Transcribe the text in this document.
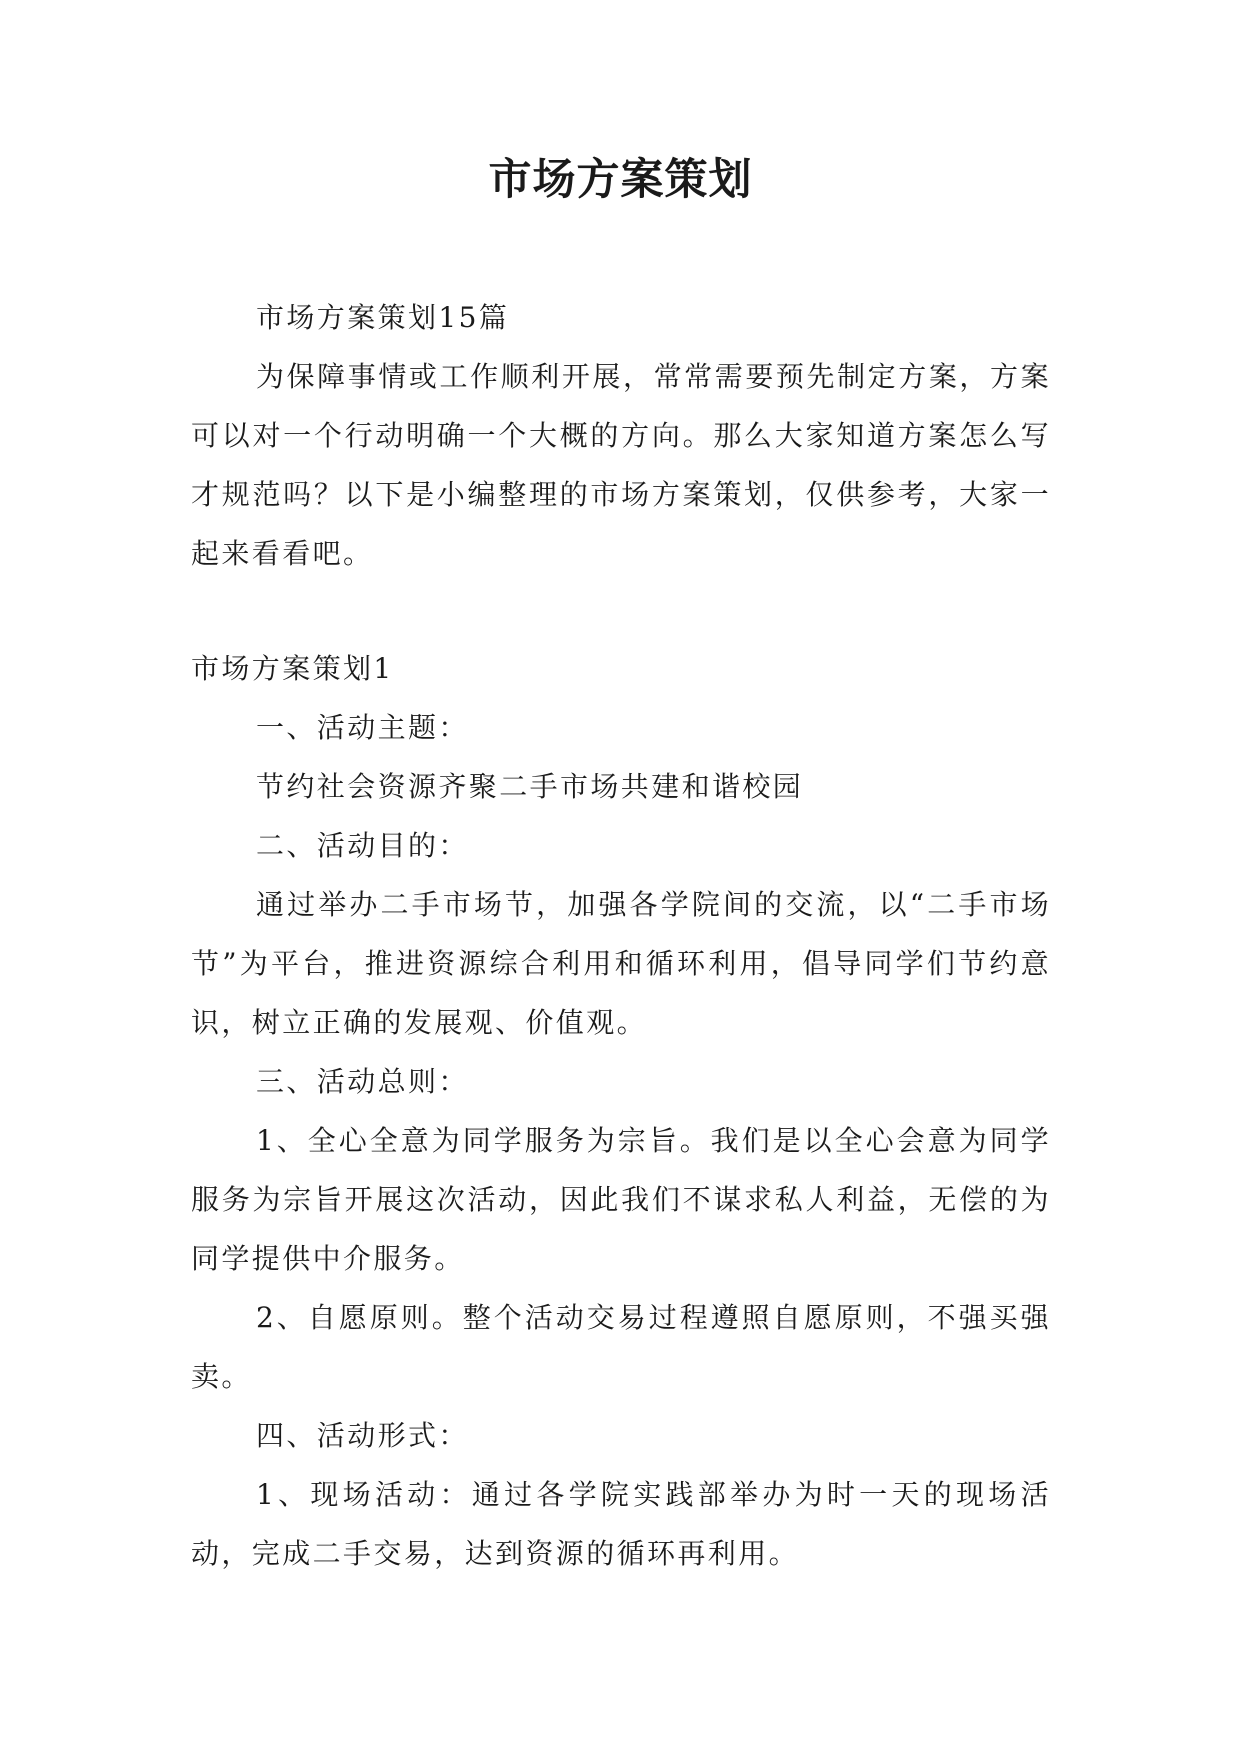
市场方案策划

市场方案策划15篇

为保障事情或工作顺利开展，常常需要预先制定方案，方案可以对一个行动明确一个大概的方向。那么大家知道方案怎么写才规范吗？以下是小编整理的市场方案策划，仅供参考，大家一起来看看吧。

市场方案策划1

一、活动主题：

节约社会资源齐聚二手市场共建和谐校园

二、活动目的：

通过举办二手市场节，加强各学院间的交流，以“二手市场节”为平台，推进资源综合利用和循环利用，倡导同学们节约意识，树立正确的发展观、价值观。

三、活动总则：

1、全心全意为同学服务为宗旨。我们是以全心会意为同学服务为宗旨开展这次活动，因此我们不谋求私人利益，无偿的为同学提供中介服务。

2、自愿原则。整个活动交易过程遵照自愿原则，不强买强卖。

四、活动形式：

1、现场活动：通过各学院实践部举办为时一天的现场活动，完成二手交易，达到资源的循环再利用。
